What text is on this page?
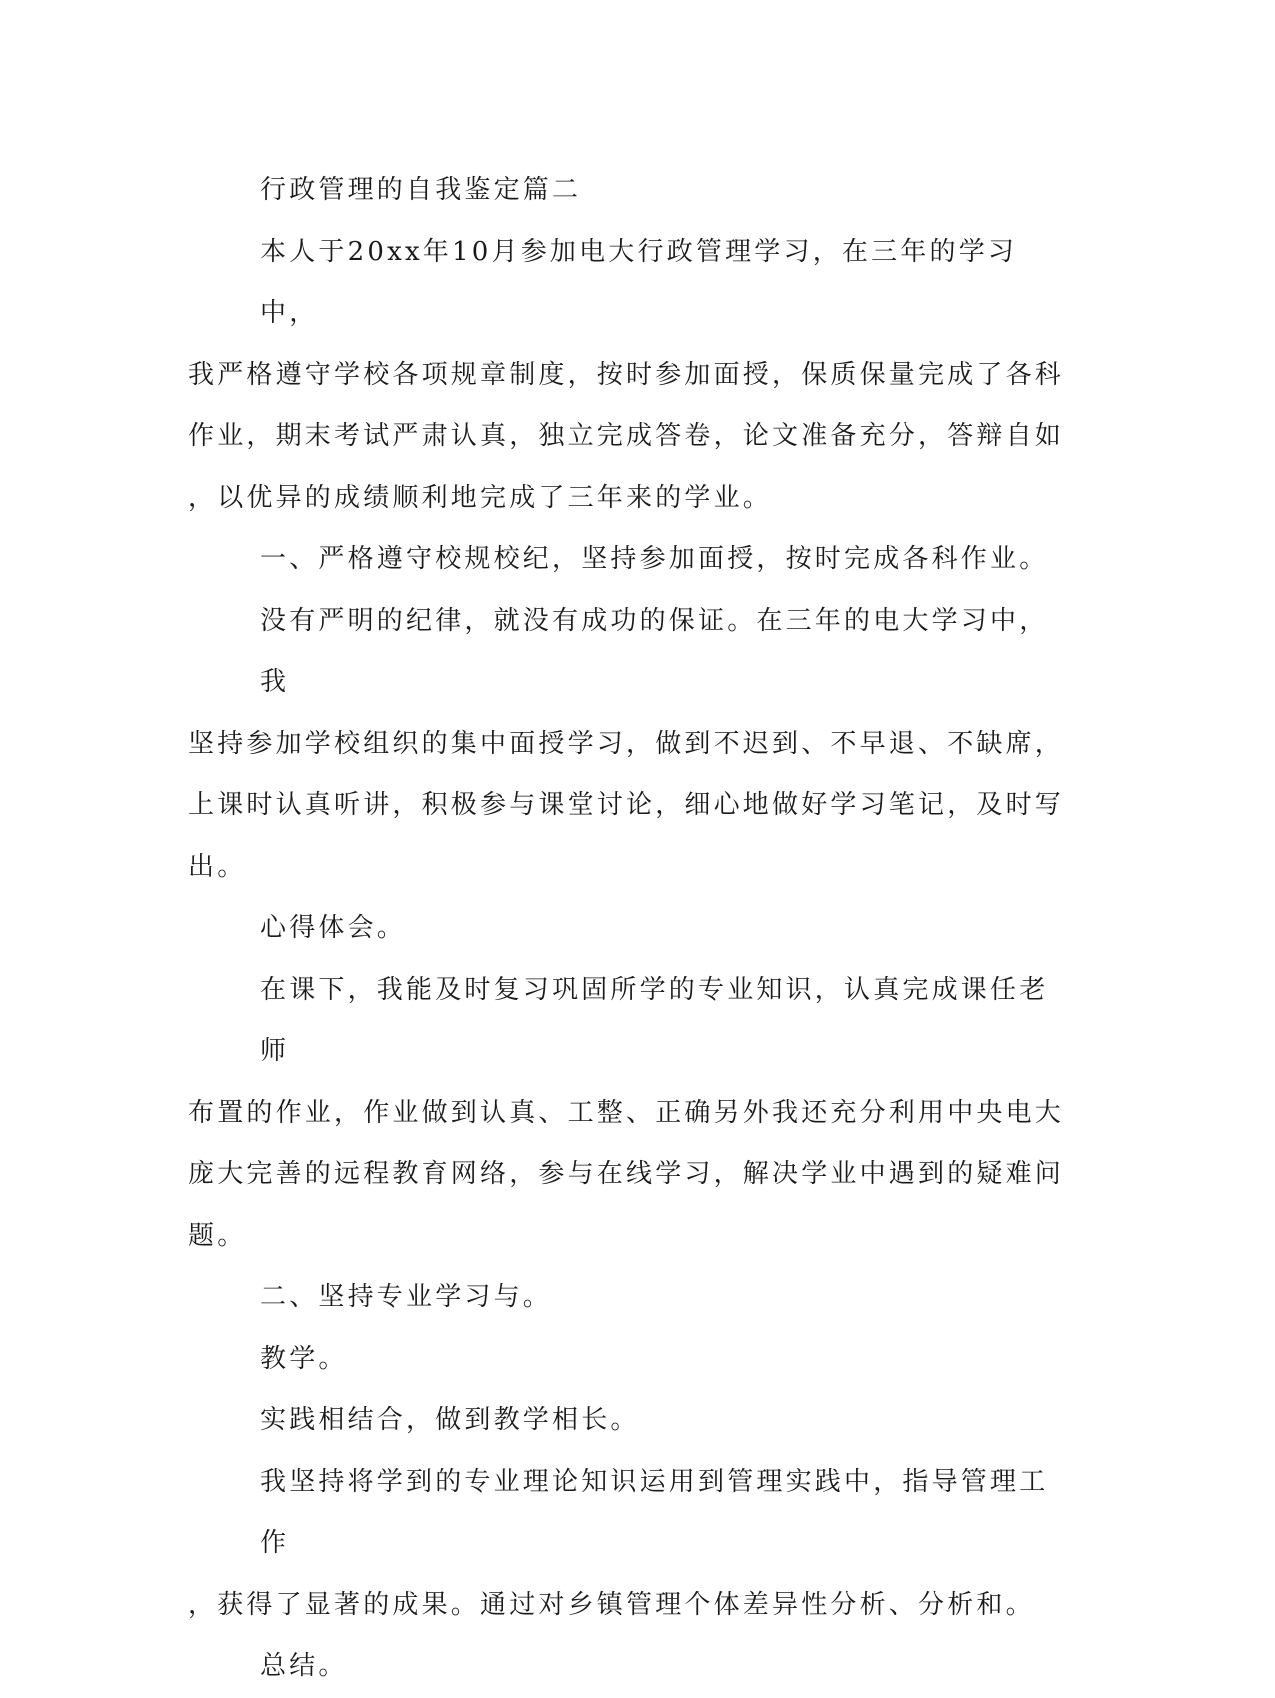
行政管理的自我鉴定篇二

本人于20xx年10月参加电大行政管理学习，在三年的学习中，
我严格遵守学校各项规章制度，按时参加面授，保质保量完成了各科
作业，期末考试严肃认真，独立完成答卷，论文准备充分，答辩自如
，以优异的成绩顺利地完成了三年来的学业。

一、严格遵守校规校纪，坚持参加面授，按时完成各科作业。

没有严明的纪律，就没有成功的保证。在三年的电大学习中，我
坚持参加学校组织的集中面授学习，做到不迟到、不早退、不缺席，
上课时认真听讲，积极参与课堂讨论，细心地做好学习笔记，及时写
出。

心得体会。

在课下，我能及时复习巩固所学的专业知识，认真完成课任老师
布置的作业，作业做到认真、工整、正确另外我还充分利用中央电大
庞大完善的远程教育网络，参与在线学习，解决学业中遇到的疑难问
题。

二、坚持专业学习与。

教学。

实践相结合，做到教学相长。

我坚持将学到的专业理论知识运用到管理实践中，指导管理工作
，获得了显著的成果。通过对乡镇管理个体差异性分析、分析和。

总结。
